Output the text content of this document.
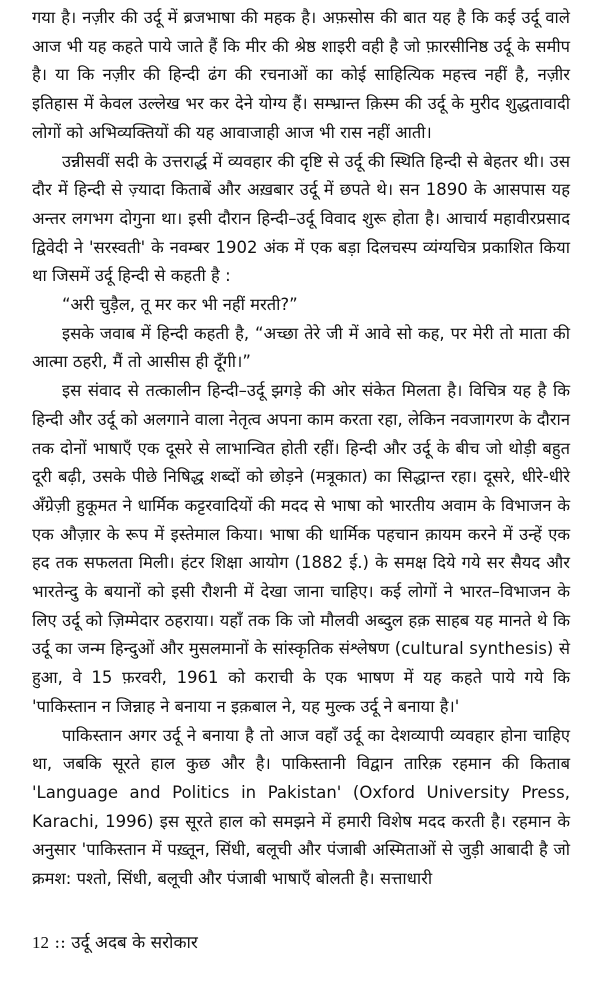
गया है। नज़ीर की उर्दू में ब्रजभाषा की महक है। अफ़सोस की बात यह है कि कई उर्दू वाले आज भी यह कहते पाये जाते हैं कि मीर की श्रेष्ठ शाइरी वही है जो फ़ारसीनिष्ठ उर्दू के समीप है। या कि नज़ीर की हिन्दी ढंग की रचनाओं का कोई साहित्यिक महत्त्व नहीं है, नज़ीर इतिहास में केवल उल्लेख भर कर देने योग्य हैं। सम्भ्रान्त क़िस्म की उर्दू के मुरीद शुद्धतावादी लोगों को अभिव्यक्तियों की यह आवाजाही आज भी रास नहीं आती।

उन्नीसवीं सदी के उत्तरार्द्ध में व्यवहार की दृष्टि से उर्दू की स्थिति हिन्दी से बेहतर थी। उस दौर में हिन्दी से ज़्यादा किताबें और अख़बार उर्दू में छपते थे। सन 1890 के आसपास यह अन्तर लगभग दोगुना था। इसी दौरान हिन्दी–उर्दू विवाद शुरू होता है। आचार्य महावीरप्रसाद द्विवेदी ने 'सरस्वती' के नवम्बर 1902 अंक में एक बड़ा दिलचस्प व्यंग्यचित्र प्रकाशित किया था जिसमें उर्दू हिन्दी से कहती है :

“अरी चुड़ैल, तू मर कर भी नहीं मरती?”

इसके जवाब में हिन्दी कहती है, “अच्छा तेरे जी में आवे सो कह, पर मेरी तो माता की आत्मा ठहरी, मैं तो आसीस ही दूँगी।”

इस संवाद से तत्कालीन हिन्दी–उर्दू झगड़े की ओर संकेत मिलता है। विचित्र यह है कि हिन्दी और उर्दू को अलगाने वाला नेतृत्व अपना काम करता रहा, लेकिन नवजागरण के दौरान तक दोनों भाषाएँ एक दूसरे से लाभान्वित होती रहीं। हिन्दी और उर्दू के बीच जो थोड़ी बहुत दूरी बढ़ी, उसके पीछे निषिद्ध शब्दों को छोड़ने (मत्रूकात) का सिद्धान्त रहा। दूसरे, धीरे-धीरे अँग्रेज़ी हुकूमत ने धार्मिक कट्टरवादियों की मदद से भाषा को भारतीय अवाम के विभाजन के एक औज़ार के रूप में इस्तेमाल किया। भाषा की धार्मिक पहचान क़ायम करने में उन्हें एक हद तक सफलता मिली। हंटर शिक्षा आयोग (1882 ई.) के समक्ष दिये गये सर सैयद और भारतेन्दु के बयानों को इसी रौशनी में देखा जाना चाहिए। कई लोगों ने भारत–विभाजन के लिए उर्दू को ज़िम्मेदार ठहराया। यहाँ तक कि जो मौलवी अब्दुल हक़ साहब यह मानते थे कि उर्दू का जन्म हिन्दुओं और मुसलमानों के सांस्कृतिक संश्लेषण (cultural synthesis) से हुआ, वे 15 फ़रवरी, 1961 को कराची के एक भाषण में यह कहते पाये गये कि 'पाकिस्तान न जिन्नाह ने बनाया न इक़बाल ने, यह मुल्क उर्दू ने बनाया है।'

पाकिस्तान अगर उर्दू ने बनाया है तो आज वहाँ उर्दू का देशव्यापी व्यवहार होना चाहिए था, जबकि सूरते हाल कुछ और है। पाकिस्तानी विद्वान तारिक़ रहमान की किताब 'Language and Politics in Pakistan' (Oxford University Press, Karachi, 1996) इस सूरते हाल को समझने में हमारी विशेष मदद करती है। रहमान के अनुसार 'पाकिस्तान में पख़्तून, सिंधी, बलूची और पंजाबी अस्मिताओं से जुड़ी आबादी है जो क्रमश: पश्तो, सिंधी, बलूची और पंजाबी भाषाएँ बोलती है। सत्ताधारी

12 :: उर्दू अदब के सरोकार
